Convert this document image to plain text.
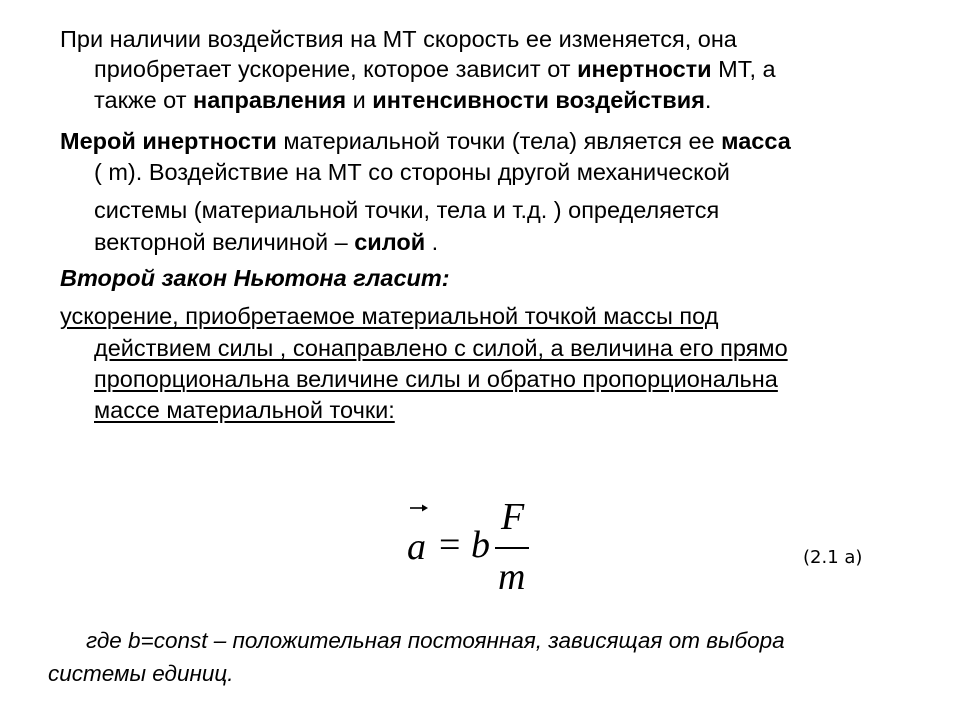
При наличии воздействия на МТ скорость ее изменяется, она
приобретает ускорение, которое зависит от инертности МТ, а
также от направления и интенсивности воздействия.
Мерой инертности материальной точки (тела) является ее масса
( m). Воздействие на МТ со стороны другой механической
системы (материальной точки, тела и т.д. ) определяется
векторной величиной – силой .
Второй закон Ньютона гласит:
ускорение, приобретаемое материальной точкой массы под
действием силы , сонаправлено с силой, а величина его прямо
пропорциональна величине силы и обратно пропорциональна
массе материальной точки:
a = b
F
m	(2.1 а)
где b=const – положительная постоянная, зависящая от выбора
системы единиц.
